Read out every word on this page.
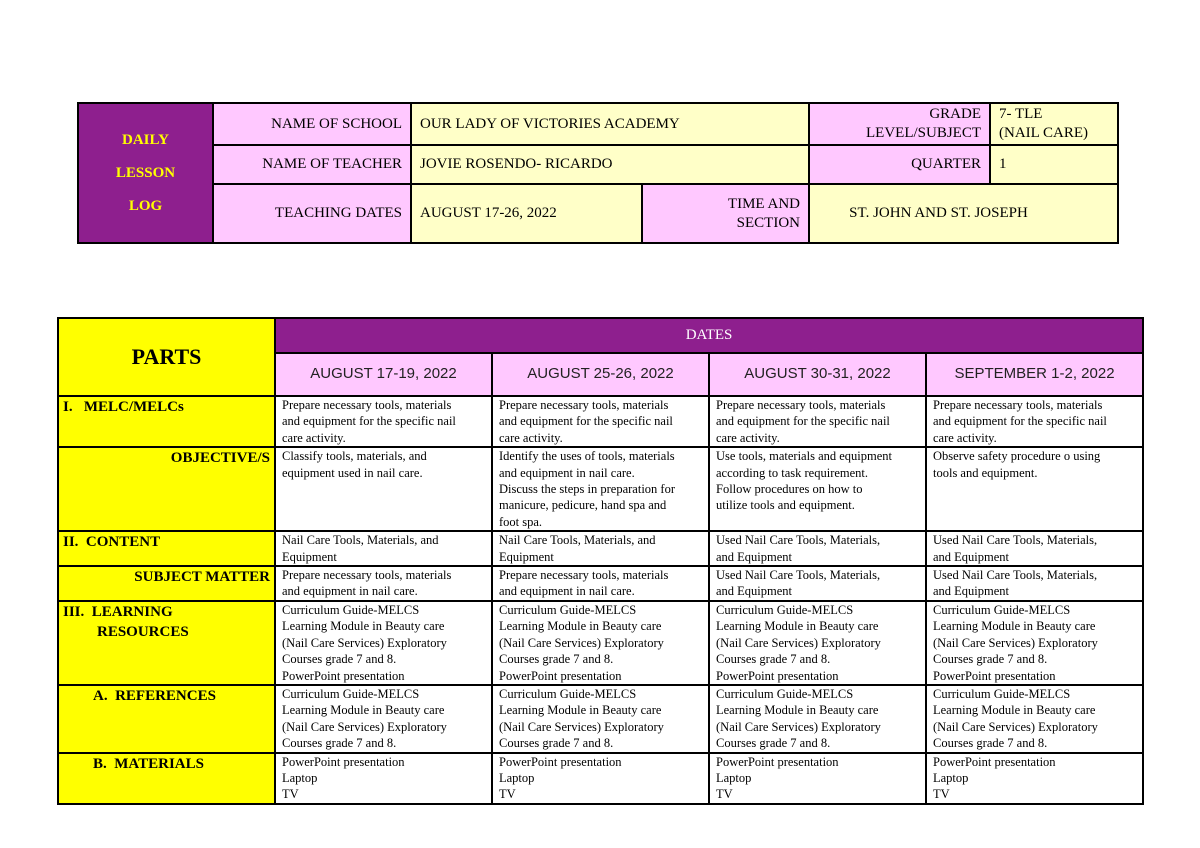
DAILY
LESSON
LOG	NAME OF SCHOOL	OUR LADY OF VICTORIES ACADEMY		GRADE
LEVEL/SUBJECT	7- TLE
(NAIL CARE)

	NAME OF TEACHER	JOVIE ROSENDO- RICARDO		QUARTER	1
	TEACHING DATES	AUGUST 17-26, 2022	TIME AND
SECTION	ST. JOHN AND ST. JOSEPH	
PARTS	DATES			
	AUGUST 17-19, 2022	AUGUST 25-26, 2022	AUGUST 30-31, 2022	SEPTEMBER 1-2, 2022
I.   MELC/MELCs	Prepare necessary tools, materials
and equipment for the specific nail
care activity.	Prepare necessary tools, materials
and equipment for the specific nail
care activity.	Prepare necessary tools, materials
and equipment for the specific nail
care activity.	Prepare necessary tools, materials
and equipment for the specific nail
care activity.

OBJECTIVE/S	Classify tools, materials, and
equipment used in nail care.	Identify the uses of tools, materials
and equipment in nail care.
Discuss the steps in preparation for
manicure, pedicure, hand spa and
foot spa.	Use tools, materials and equipment
according to task requirement.
Follow procedures on how to
utilize tools and equipment.	Observe safety procedure o using
tools and equipment.

II.  CONTENT	Nail Care Tools, Materials, and
Equipment	Nail Care Tools, Materials, and
Equipment	Used Nail Care Tools, Materials,
and Equipment	Used Nail Care Tools, Materials,
and Equipment

SUBJECT MATTER	Prepare necessary tools, materials
and equipment in nail care.	Prepare necessary tools, materials
and equipment in nail care.	Used Nail Care Tools, Materials,
and Equipment	Used Nail Care Tools, Materials,
and Equipment

III.  LEARNING
RESOURCES	Curriculum Guide-MELCS
Learning Module in Beauty care
(Nail Care Services) Exploratory
Courses grade 7 and 8.
PowerPoint presentation	Curriculum Guide-MELCS
Learning Module in Beauty care
(Nail Care Services) Exploratory
Courses grade 7 and 8.
PowerPoint presentation	Curriculum Guide-MELCS
Learning Module in Beauty care
(Nail Care Services) Exploratory
Courses grade 7 and 8.
PowerPoint presentation	Curriculum Guide-MELCS
Learning Module in Beauty care
(Nail Care Services) Exploratory
Courses grade 7 and 8.
PowerPoint presentation

A.  REFERENCES	Curriculum Guide-MELCS
Learning Module in Beauty care
(Nail Care Services) Exploratory
Courses grade 7 and 8.	Curriculum Guide-MELCS
Learning Module in Beauty care
(Nail Care Services) Exploratory
Courses grade 7 and 8.	Curriculum Guide-MELCS
Learning Module in Beauty care
(Nail Care Services) Exploratory
Courses grade 7 and 8.	Curriculum Guide-MELCS
Learning Module in Beauty care
(Nail Care Services) Exploratory
Courses grade 7 and 8.

B.  MATERIALS	PowerPoint presentation
Laptop
TV	PowerPoint presentation
Laptop
TV	PowerPoint presentation
Laptop
TV	PowerPoint presentation
Laptop
TV
